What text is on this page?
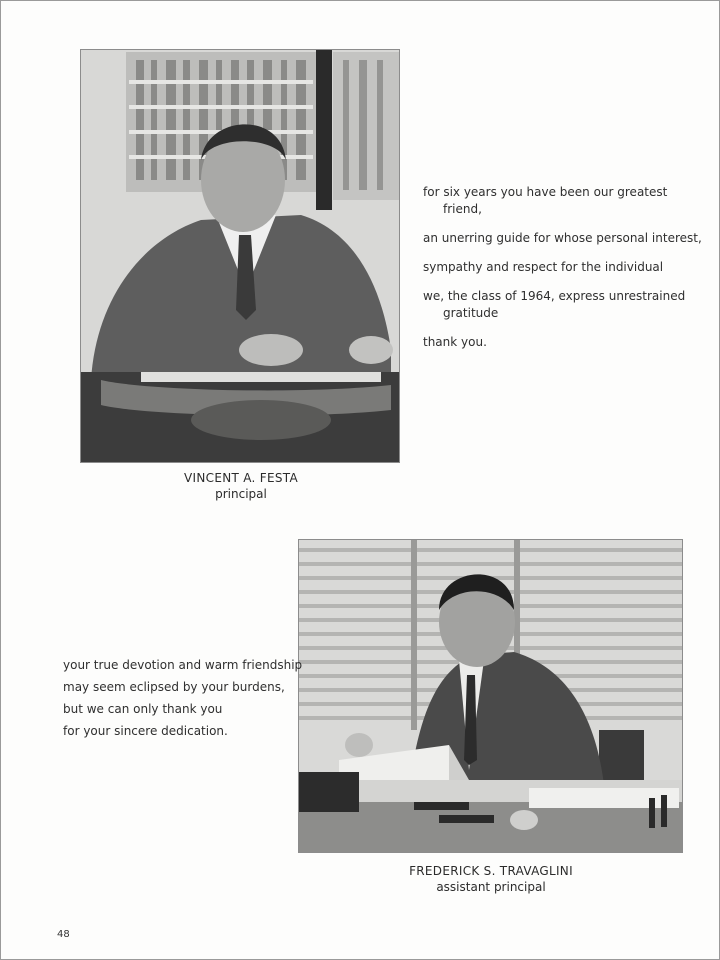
VINCENT A. FESTA
principal
for six years you have been our greatest
friend,
an unerring guide for whose personal interest,
sympathy and respect for the individual
we, the class of 1964, express unrestrained
gratitude
thank you.
your true devotion and warm friendship
may seem eclipsed by your burdens,
but we can only thank you
for your sincere dedication.
FREDERICK S. TRAVAGLINI
assistant principal
48
